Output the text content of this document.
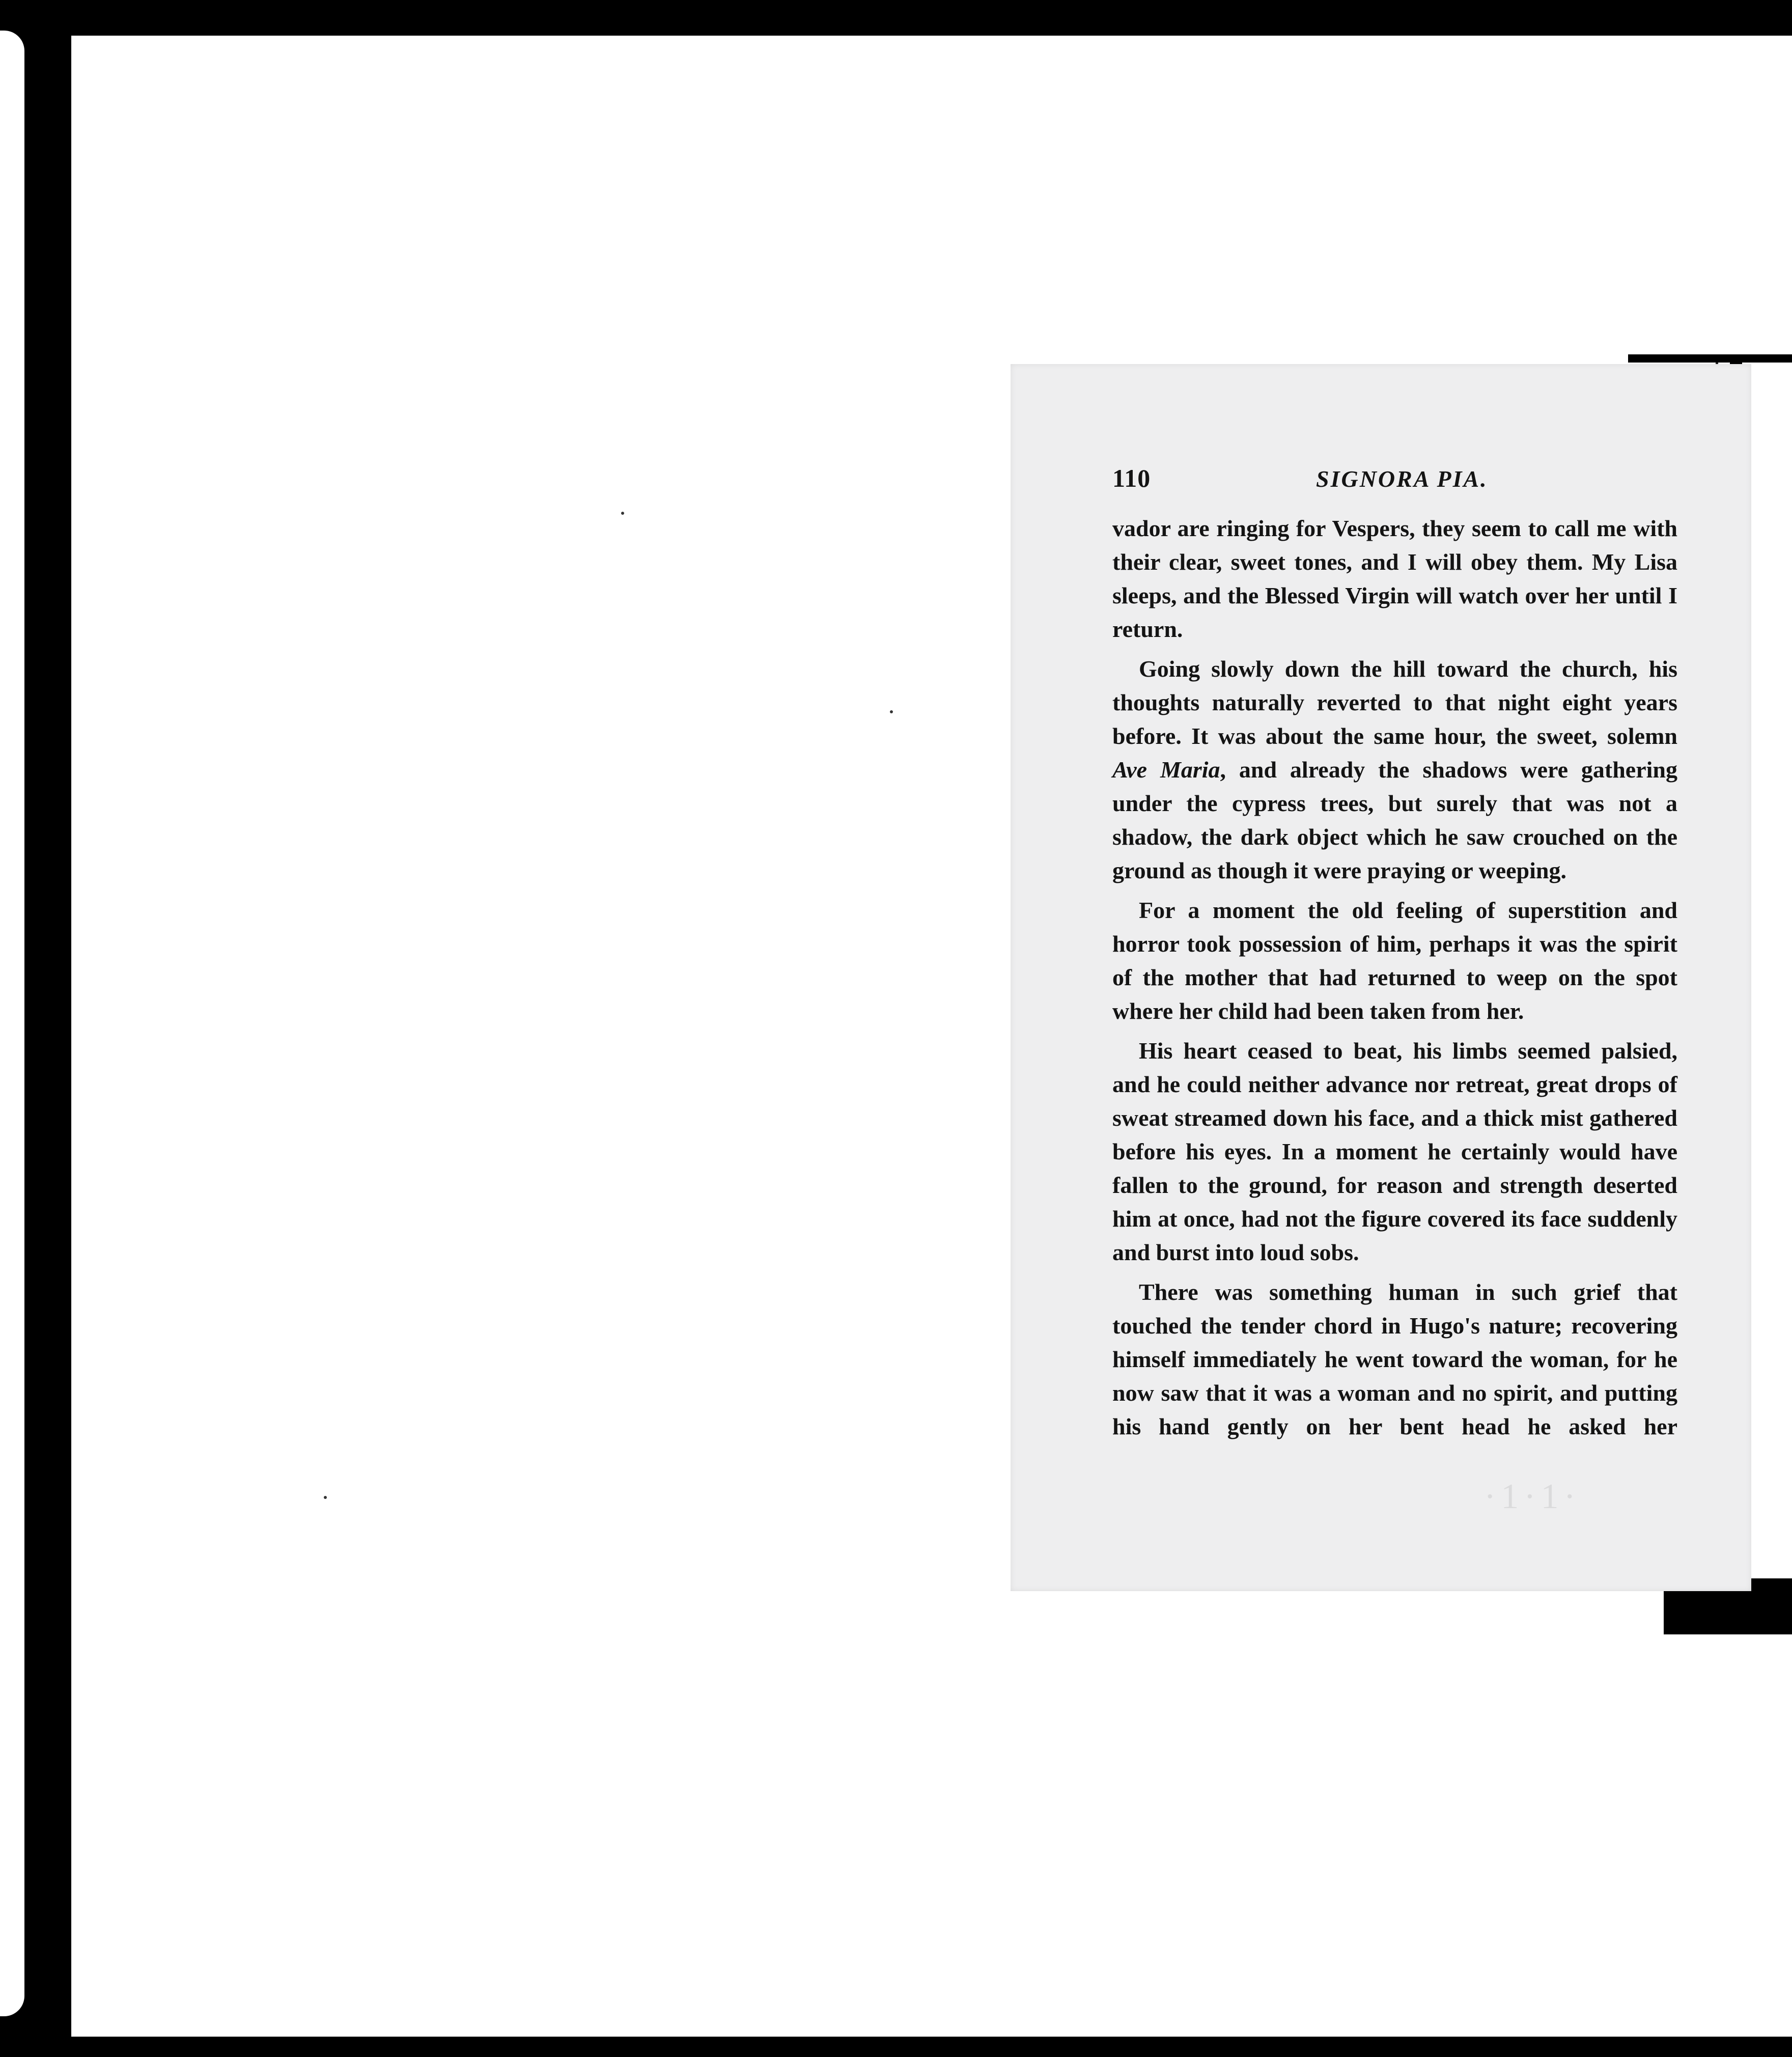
·1·1·
110	SIGNORA PIA.

vador are ringing for Vespers, they seem to call me with their clear, sweet tones, and I will obey them. My Lisa sleeps, and the Blessed Virgin will watch over her until I return.

Going slowly down the hill toward the church, his thoughts naturally reverted to that night eight years before. It was about the same hour, the sweet, solemn Ave Maria, and already the shadows were gathering under the cypress trees, but surely that was not a shadow, the dark object which he saw crouched on the ground as though it were praying or weeping.

For a moment the old feeling of superstition and horror took possession of him, perhaps it was the spirit of the mother that had returned to weep on the spot where her child had been taken from her.

His heart ceased to beat, his limbs seemed palsied, and he could neither advance nor retreat, great drops of sweat streamed down his face, and a thick mist gathered before his eyes. In a moment he certainly would have fallen to the ground, for reason and strength deserted him at once, had not the figure covered its face suddenly and burst into loud sobs.

There was something human in such grief that touched the tender chord in Hugo's nature; recovering himself immediately he went toward the woman, for he now saw that it was a woman and no spirit, and putting his hand gently on her bent head he asked her
